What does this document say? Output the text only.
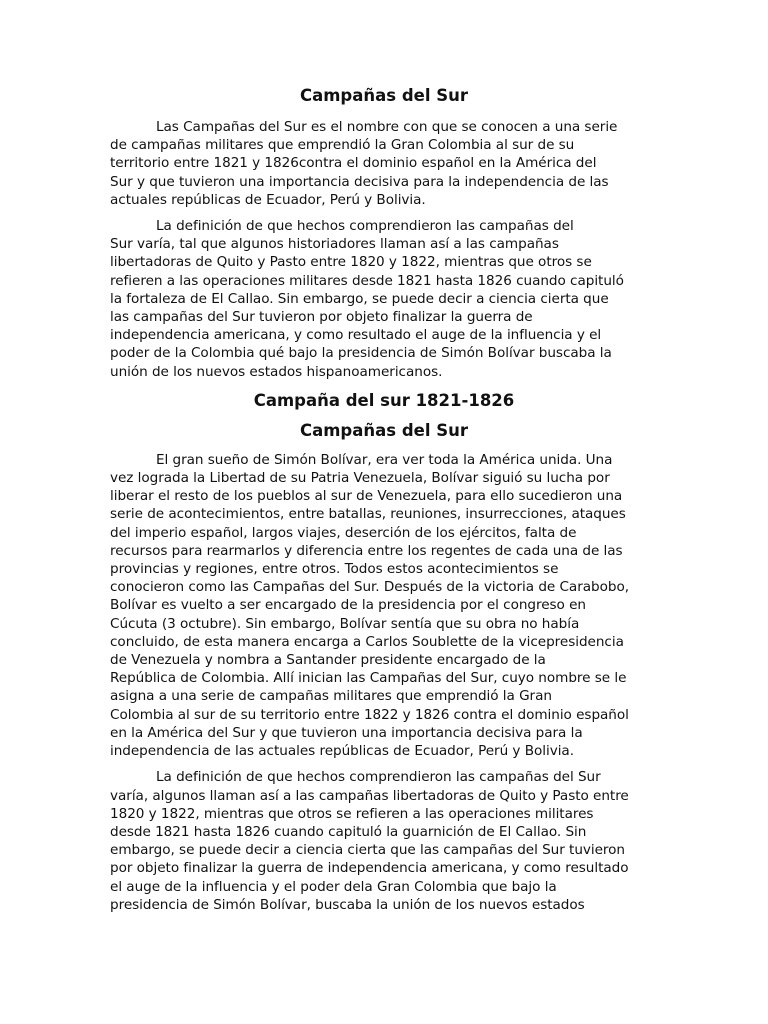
Campañas del Sur

Las Campañas del Sur es el nombre con que se conocen a una serie
de campañas militares que emprendió la Gran Colombia al sur de su
territorio entre 1821 y 1826contra el dominio español en la América del
Sur y que tuvieron una importancia decisiva para la independencia de las
actuales repúblicas de Ecuador, Perú y Bolivia.

La definición de que hechos comprendieron las campañas del
Sur varía, tal que algunos historiadores llaman así a las campañas
libertadoras de Quito y Pasto entre 1820 y 1822, mientras que otros se
refieren a las operaciones militares desde 1821 hasta 1826 cuando capituló
la fortaleza de El Callao. Sin embargo, se puede decir a ciencia cierta que
las campañas del Sur tuvieron por objeto finalizar la guerra de
independencia americana, y como resultado el auge de la influencia y el
poder de la Colombia qué bajo la presidencia de Simón Bolívar buscaba la
unión de los nuevos estados hispanoamericanos.

Campaña del sur 1821-1826
Campañas del Sur

El gran sueño de Simón Bolívar, era ver toda la América unida. Una
vez lograda la Libertad de su Patria Venezuela, Bolívar siguió su lucha por
liberar el resto de los pueblos al sur de Venezuela, para ello sucedieron una
serie de acontecimientos, entre batallas, reuniones, insurrecciones, ataques
del imperio español, largos viajes, deserción de los ejércitos, falta de
recursos para rearmarlos y diferencia entre los regentes de cada una de las
provincias y regiones, entre otros. Todos estos acontecimientos se
conocieron como las Campañas del Sur. Después de la victoria de Carabobo,
Bolívar es vuelto a ser encargado de la presidencia por el congreso en
Cúcuta (3 octubre). Sin embargo, Bolívar sentía que su obra no había
concluido, de esta manera encarga a Carlos Soublette de la vicepresidencia
de Venezuela y nombra a Santander presidente encargado de la
República de Colombia. Allí inician las Campañas del Sur, cuyo nombre se le
asigna a una serie de campañas militares que emprendió la Gran
Colombia al sur de su territorio entre 1822 y 1826 contra el dominio español
en la América del Sur y que tuvieron una importancia decisiva para la
independencia de las actuales repúblicas de Ecuador, Perú y Bolivia.

La definición de que hechos comprendieron las campañas del Sur
varía, algunos llaman así a las campañas libertadoras de Quito y Pasto entre
1820 y 1822, mientras que otros se refieren a las operaciones militares
desde 1821 hasta 1826 cuando capituló la guarnición de El Callao. Sin
embargo, se puede decir a ciencia cierta que las campañas del Sur tuvieron
por objeto finalizar la guerra de independencia americana, y como resultado
el auge de la influencia y el poder dela Gran Colombia que bajo la
presidencia de Simón Bolívar, buscaba la unión de los nuevos estados
